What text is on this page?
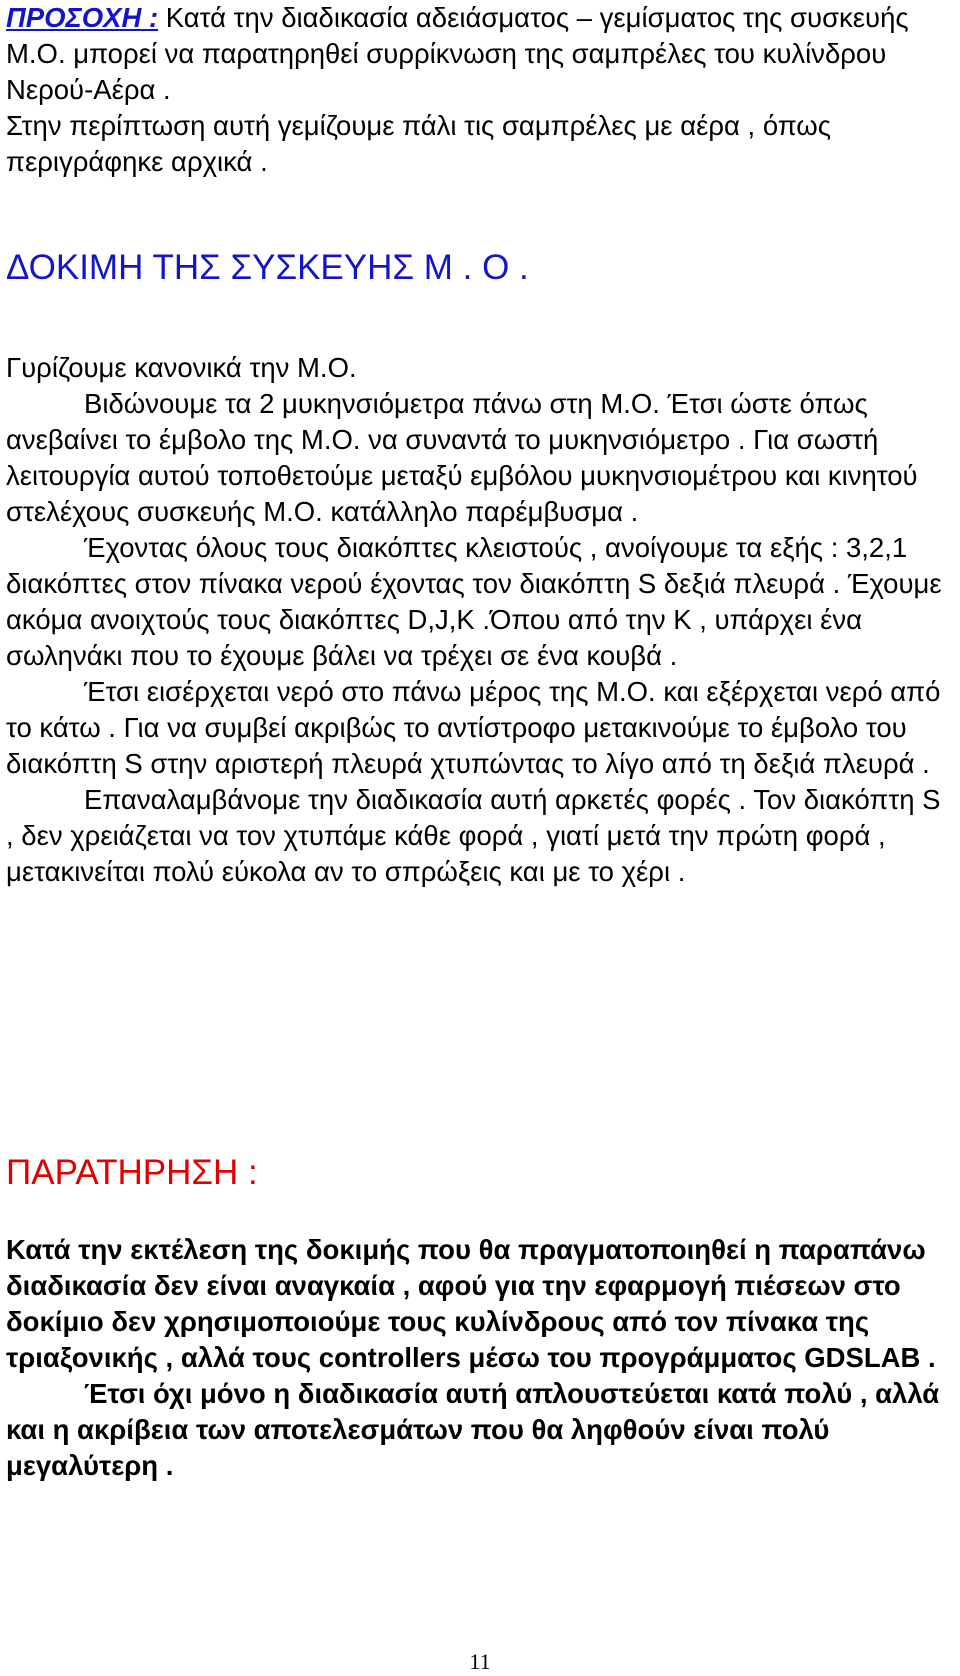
ΠΡΟΣΟΧΗ : Κατά την διαδικασία αδειάσματος – γεμίσματος της συσκευής Μ.Ο. μπορεί να παρατηρηθεί συρρίκνωση της σαμπρέλες του κυλίνδρου Νερού-Αέρα .

Στην περίπτωση αυτή γεμίζουμε πάλι τις σαμπρέλες με αέρα , όπως περιγράφηκε αρχικά .

ΔΟΚΙΜΗ ΤΗΣ ΣΥΣΚΕΥΗΣ Μ . Ο .

Γυρίζουμε κανονικά την Μ.Ο.

Βιδώνουμε τα 2 μυκηνσιόμετρα πάνω στη Μ.Ο. Έτσι ώστε όπως ανεβαίνει το έμβολο της Μ.Ο. να συναντά το μυκηνσιόμετρο . Για σωστή λειτουργία αυτού τοποθετούμε μεταξύ εμβόλου μυκηνσιομέτρου και κινητού στελέχους συσκευής Μ.Ο. κατάλληλο παρέμβυσμα .

Έχοντας όλους τους διακόπτες κλειστούς , ανοίγουμε τα εξής : 3,2,1 διακόπτες στον πίνακα νερού έχοντας τον διακόπτη S δεξιά πλευρά . Έχουμε ακόμα ανοιχτούς τους διακόπτες D,J,K .Όπου από την K , υπάρχει ένα σωληνάκι που το έχουμε βάλει να τρέχει σε ένα κουβά .

Έτσι εισέρχεται νερό στο πάνω μέρος της Μ.Ο. και εξέρχεται νερό από το κάτω . Για να συμβεί ακριβώς το αντίστροφο μετακινούμε το έμβολο του διακόπτη S στην αριστερή πλευρά χτυπώντας το λίγο από τη δεξιά πλευρά .

Επαναλαμβάνομε την διαδικασία αυτή αρκετές φορές . Τον διακόπτη S , δεν χρειάζεται να τον χτυπάμε κάθε φορά , γιατί μετά την πρώτη φορά , μετακινείται πολύ εύκολα αν το σπρώξεις και με το χέρι .

ΠΑΡΑΤΗΡΗΣΗ :

Κατά την εκτέλεση της δοκιμής που θα πραγματοποιηθεί η παραπάνω διαδικασία δεν είναι αναγκαία , αφού για την εφαρμογή πιέσεων στο δοκίμιο δεν χρησιμοποιούμε τους κυλίνδρους από τον πίνακα της τριαξονικής , αλλά τους controllers μέσω του προγράμματος GDSLAB .

Έτσι όχι μόνο η διαδικασία αυτή απλουστεύεται κατά πολύ , αλλά και η ακρίβεια των αποτελεσμάτων που θα ληφθούν είναι πολύ μεγαλύτερη .

11
